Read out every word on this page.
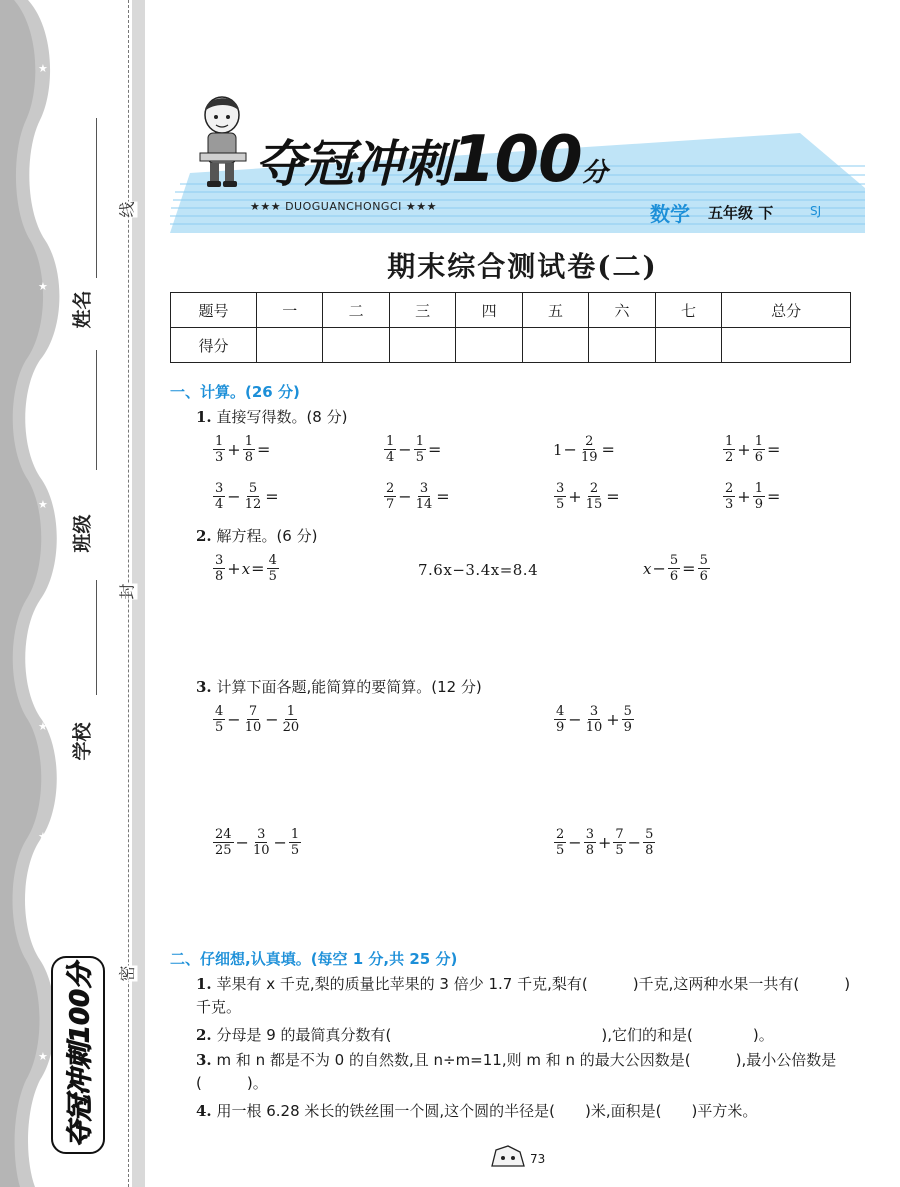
★
★
★
★
★
★
★
★
★
★
★
姓名
班级
学校
线
封
密
夺冠冲刺100分
夺冠冲刺100分
★★★ DUOGUANCHONGCI ★★★	数学 五年级 下	SJ
期末综合测试卷(二)
题号	一	二	三	四	五	六	七	总分
得分								
一、计算。(26 分)
1. 直接写得数。(8 分)
$\frac{1}{3} + \frac{1}{8}$ =	$\frac{1}{4} - \frac{1}{5}$ =	$1 - \frac{2}{19}$ =	$\frac{1}{2} + \frac{1}{6}$ =
$\frac{3}{4} - \frac{5}{12}$ =	$\frac{2}{7} - \frac{3}{14}$ =	$\frac{3}{5} + \frac{2}{15}$ =	$\frac{2}{3} + \frac{1}{9}$ =
2. 解方程。(6 分)
$\frac{3}{8} + x = \frac{4}{5}$	7.6x−3.4x=8.4	$x - \frac{5}{6} = \frac{5}{6}$
3. 计算下面各题,能简算的要简算。(12 分)
$\frac{4}{5} - \frac{7}{10} - \frac{1}{20}$	$\frac{4}{9} - \frac{3}{10} + \frac{5}{9}$
$\frac{24}{25} - \frac{3}{10} - \frac{1}{5}$	$\frac{2}{5} - \frac{3}{8} + \frac{7}{5} - \frac{5}{8}$
二、仔细想,认真填。(每空 1 分,共 25 分)
1. 苹果有 x 千克,梨的质量比苹果的 3 倍少 1.7 千克,梨有(　　　)千克,这两种水果一共有(　　　)千克。
2. 分母是 9 的最简真分数有(　　　　　　　　　　　　　　),它们的和是(　　　　)。
3. m 和 n 都是不为 0 的自然数,且 n÷m=11,则 m 和 n 的最大公因数是(　　　),最小公倍数是(　　　)。
4. 用一根 6.28 米长的铁丝围一个圆,这个圆的半径是(　　)米,面积是(　　)平方米。
73
